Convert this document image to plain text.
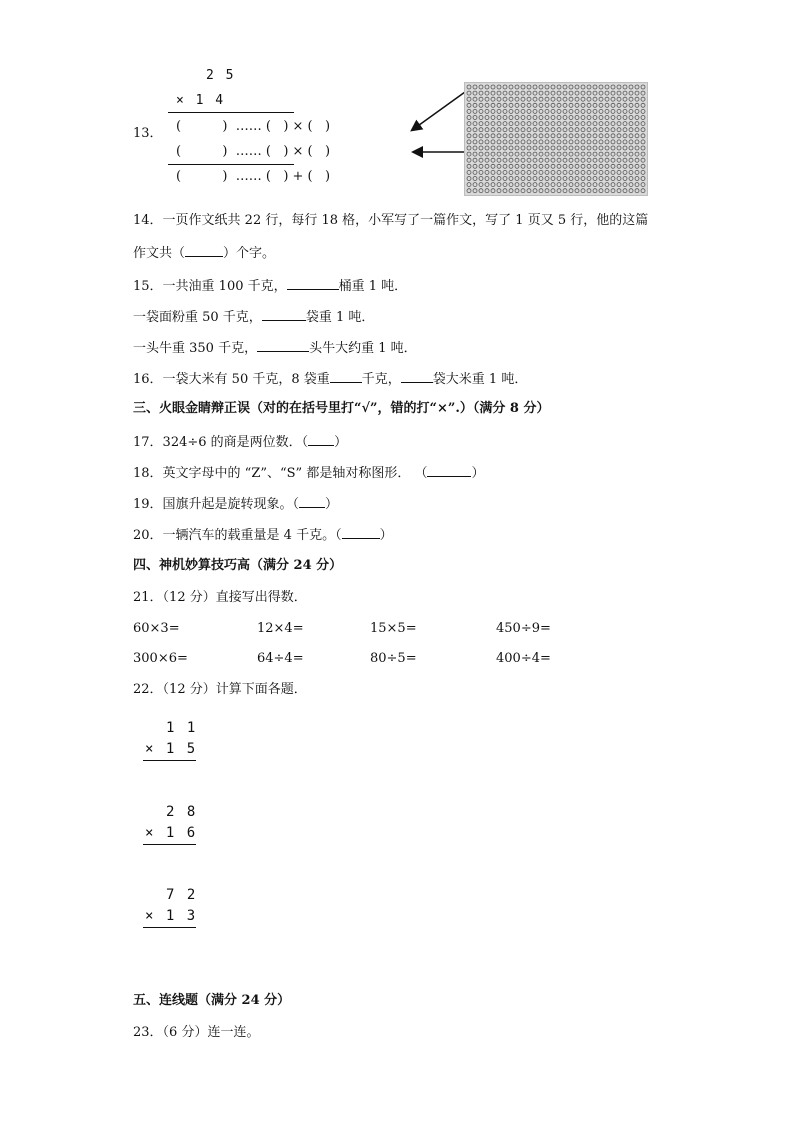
2 5
× 1 4
13． (          )  …… (   ) × (   )
(          )  …… (   ) × (   )
(          )  …… (   ) + (   )
14．一页作文纸共 22 行，每行 18 格，小军写了一篇作文，写了 1 页又 5 行，他的这篇
作文共（	）个字。
15．一共油重 100 千克，	桶重 1 吨．
一袋面粉重 50 千克，	袋重 1 吨．
一头牛重 350 千克，	头牛大约重 1 吨．
16．一袋大米有 50 千克，8 袋重 千克， 袋大米重 1 吨．
三、火眼金睛辩正误（对的在括号里打“√”，错的打“×”.）（满分 8 分）
17．324÷6 的商是两位数．（ ）
18．英文字母中的 “Z”、“S” 都是轴对称图形． （	）
19．国旗升起是旋转现象。（ ）
20．一辆汽车的载重量是 4 千克。（	）
四、神机妙算技巧高（满分 24 分）
21．（12 分）直接写出得数．
60×3=	12×4=	15×5=	450÷9=
300×6=	64÷4=	80÷5=	400÷4=
22．（12 分）计算下面各题．
1 1
× 1 5
2 8
× 1 6
7 2
× 1 3
五、连线题（满分 24 分）
23．（6 分）连一连。
